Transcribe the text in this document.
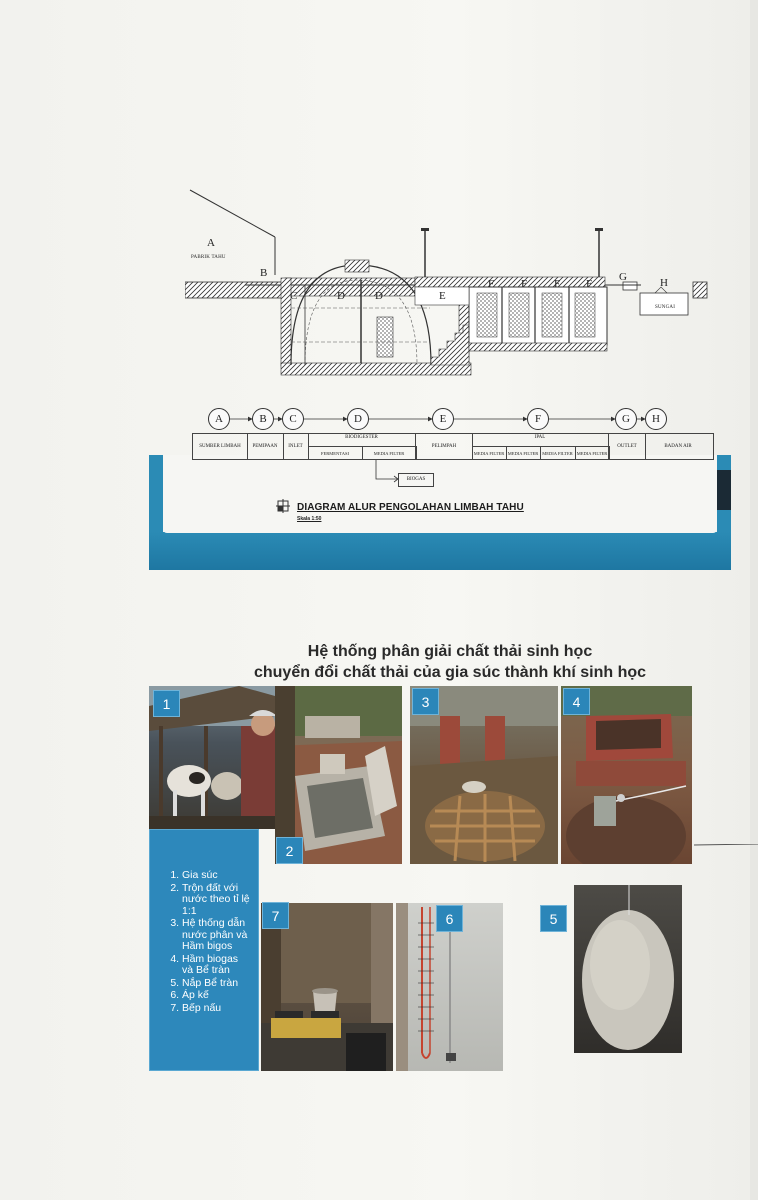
A
PABRIK TAHU
B
C	D	D	E
F F F F
G	H
SUNGAI
A	B	C	D	E	F	G	H
SUMBER LIMBAH	PEMIPAAN	INLET
BIODIGESTER
FERMENTASI	MEDIA FILTER
PELIMPAH
IPAL
MEDIA FILTER MEDIA FILTER MEDIA FILTER MEDIA FILTER
OUTLET	BADAN AIR
BIOGAS
DIAGRAM ALUR PENGOLAHAN LIMBAH TAHU
Skala 1:50
Hệ thống phân giải chất thải sinh học
chuyển đổi chất thải của gia súc thành khí sinh học
1
2
3	4
5
6
7
1. Gia súc
2. Trộn đất với nước theo tỉ lệ 1:1
3. Hệ thống dẫn nước phân và Hầm bigos
4. Hầm biogas và Bể tràn
5. Nắp Bể tràn
6. Áp kế
7. Bếp nấu
